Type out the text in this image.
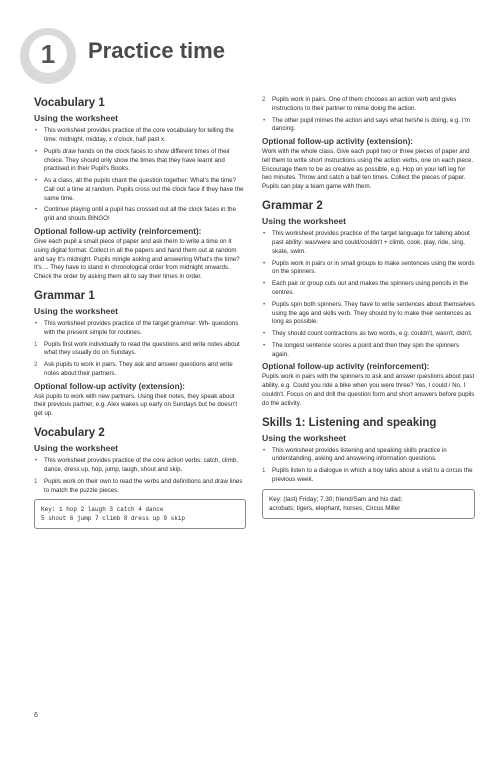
1	Practice time
Vocabulary 1
Using the worksheet
• This worksheet provides practice of the core vocabulary for telling the time: midnight, midday, x o'clock, half past x.
• Pupils draw hands on the clock faces to show different times of their choice. They should only show the times that they have learnt and practised in their Pupil's Books.
• As a class, all the pupils chant the question together: What's the time? Call out a time at random. Pupils cross out the clock face if they have the same time.
• Continue playing until a pupil has crossed out all the clock faces in the grid and shouts BINGO!
Optional follow-up activity (reinforcement):

Give each pupil a small piece of paper and ask them to write a time on it using digital format. Collect in all the papers and hand them out at random and say It's midnight. Pupils mingle asking and answering What's the time? It's ... They have to stand in chronological order from midnight onwards. Check the order by asking them all to say their times in order.

Grammar 1
Using the worksheet
• This worksheet provides practice of the target grammar: Wh- questions with the present simple for routines.
1 Pupils first work individually to read the questions and write notes about what they usually do on Sundays.
2 Ask pupils to work in pairs. They ask and answer questions and write notes about their partners.
Optional follow-up activity (extension):

Ask pupils to work with new partners. Using their notes, they speak about their previous partner, e.g. Alex wakes up early on Sundays but he doesn't get up.

Vocabulary 2
Using the worksheet
• This worksheet provides practice of the core action verbs: catch, climb, dance, dress up, hop, jump, laugh, shout and skip.
1 Pupils work on their own to read the verbs and definitions and draw lines to match the puzzle pieces.
Key: 1 hop 2 laugh 3 catch 4 dance
5 shout 6 jump 7 climb 8 dress up 9 skip
2 Pupils work in pairs. One of them chooses an action verb and gives instructions to their partner to mime doing the action.
• The other pupil mimes the action and says what he/she is doing, e.g. I'm dancing.
Optional follow-up activity (extension):

Work with the whole class. Give each pupil two or three pieces of paper and tell them to write short instructions using the action verbs, one on each piece. Encourage them to be as creative as possible, e.g. Hop on your left leg for two minutes. Throw and catch a ball ten times. Collect the pieces of paper. Pupils can play a team game with them.

Grammar 2
Using the worksheet
• This worksheet provides practice of the target language for talking about past ability: was/were and could/couldn't + climb, cook, play, ride, sing, skate, swim.
• Pupils work in pairs or in small groups to make sentences using the words on the spinners.
• Each pair or group cuts out and makes the spinners using pencils in the centres.
• Pupils spin both spinners. They have to write sentences about themselves using the age and skills verb. They should try to make their sentences as long as possible.
• They should count contractions as two words, e.g. couldn't, wasn't, didn't.
• The longest sentence scores a point and then they spin the spinners again.
Optional follow-up activity (reinforcement):

Pupils work in pairs with the spinners to ask and answer questions about past ability, e.g. Could you ride a bike when you were three? Yes, I could / No, I couldn't. Focus on and drill the question form and short answers before pupils do the activity.

Skills 1: Listening and speaking
Using the worksheet
• This worksheet provides listening and speaking skills practice in understanding, asking and answering information questions.
1 Pupils listen to a dialogue in which a boy talks about a visit to a circus the previous week.
Key: (last) Friday; 7.30; friend/Sam and his dad;
acrobats; tigers, elephant, horses; Circus Miller
6
